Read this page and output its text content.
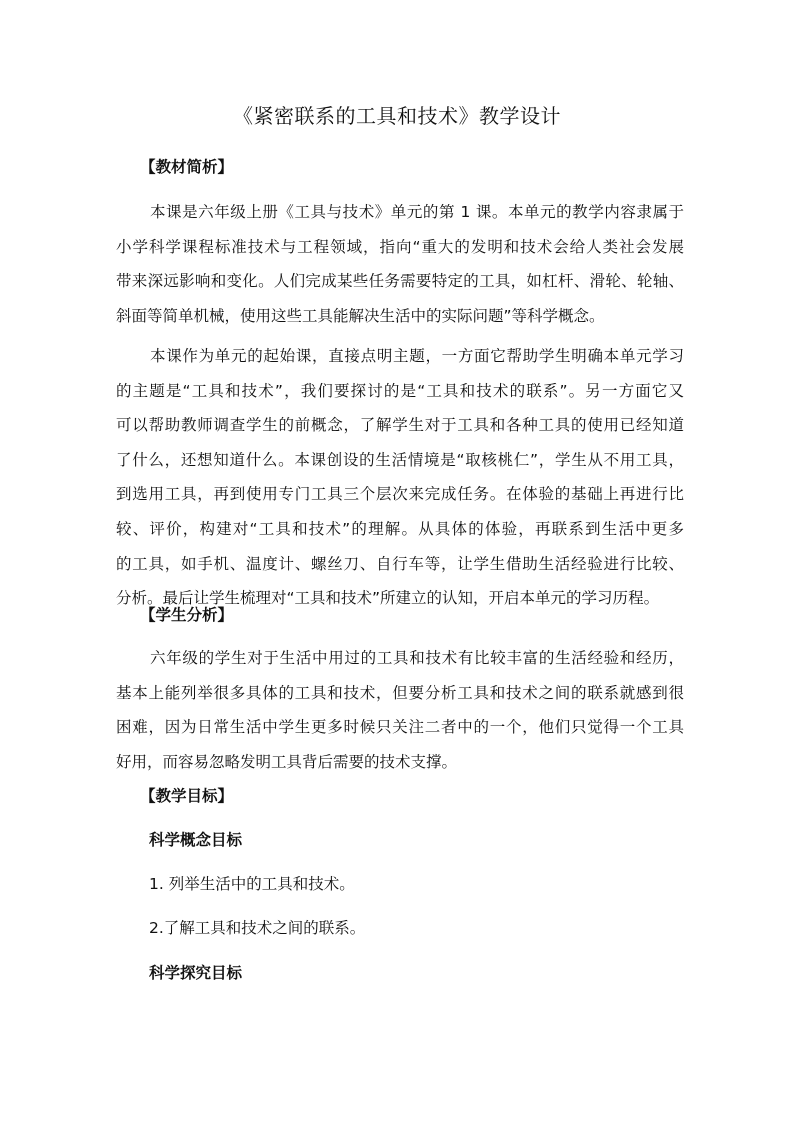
《紧密联系的工具和技术》教学设计
【教材简析】
本课是六年级上册《工具与技术》单元的第 1 课。本单元的教学内容隶属于
小学科学课程标准技术与工程领域，指向“重大的发明和技术会给人类社会发展
带来深远影响和变化。人们完成某些任务需要特定的工具，如杠杆、滑轮、轮轴、
斜面等简单机械，使用这些工具能解决生活中的实际问题”等科学概念。
本课作为单元的起始课，直接点明主题，一方面它帮助学生明确本单元学习
的主题是“工具和技术”，我们要探讨的是“工具和技术的联系”。另一方面它又
可以帮助教师调查学生的前概念，了解学生对于工具和各种工具的使用已经知道
了什么，还想知道什么。本课创设的生活情境是“取核桃仁”，学生从不用工具，
到选用工具，再到使用专门工具三个层次来完成任务。在体验的基础上再进行比
较、评价，构建对“工具和技术”的理解。从具体的体验，再联系到生活中更多
的工具，如手机、温度计、螺丝刀、自行车等，让学生借助生活经验进行比较、
分析。最后让学生梳理对“工具和技术”所建立的认知，开启本单元的学习历程。
【学生分析】
六年级的学生对于生活中用过的工具和技术有比较丰富的生活经验和经历，
基本上能列举很多具体的工具和技术，但要分析工具和技术之间的联系就感到很
困难，因为日常生活中学生更多时候只关注二者中的一个，他们只觉得一个工具
好用，而容易忽略发明工具背后需要的技术支撑。
【教学目标】
科学概念目标
1. 列举生活中的工具和技术。
2.了解工具和技术之间的联系。
科学探究目标
